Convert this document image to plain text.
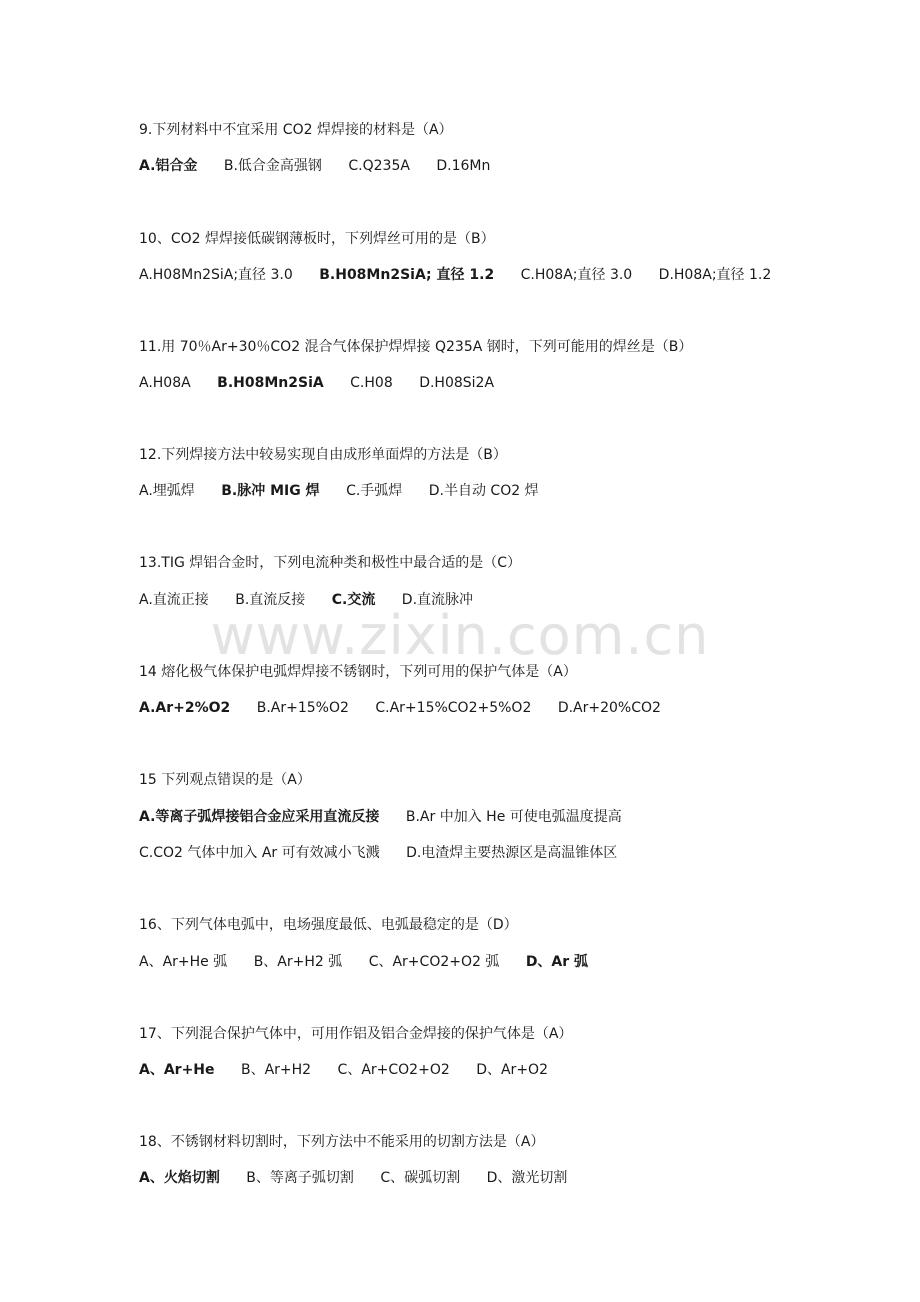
www.zixin.com.cn
9.下列材料中不宜采用 CO2 焊焊接的材料是（A）
A.铝合金 B.低合金高强钢 C.Q235A D.16Mn
10、CO2 焊焊接低碳钢薄板时，下列焊丝可用的是（B）
A.H08Mn2SiA;直径 3.0 B.H08Mn2SiA; 直径 1.2 C.H08A;直径 3.0 D.H08A;直径 1.2
11.用 70％Ar+30％CO2 混合气体保护焊焊接 Q235A 钢时，下列可能用的焊丝是（B）
A.H08A B.H08Mn2SiA C.H08 D.H08Si2A
12.下列焊接方法中较易实现自由成形单面焊的方法是（B）
A.埋弧焊 B.脉冲 MIG 焊 C.手弧焊 D.半自动 CO2 焊
13.TIG 焊铝合金时，下列电流种类和极性中最合适的是（C）
A.直流正接 B.直流反接 C.交流 D.直流脉冲
14 熔化极气体保护电弧焊焊接不锈钢时，下列可用的保护气体是（A）
A.Ar+2%O2 B.Ar+15%O2 C.Ar+15%CO2+5%O2 D.Ar+20%CO2
15 下列观点错误的是（A）
A.等离子弧焊接铝合金应采用直流反接 B.Ar 中加入 He 可使电弧温度提高
C.CO2 气体中加入 Ar 可有效减小飞溅 D.电渣焊主要热源区是高温锥体区
16、下列气体电弧中，电场强度最低、电弧最稳定的是（D）
A、Ar+He 弧 B、Ar+H2 弧 C、Ar+CO2+O2 弧 D、Ar 弧
17、下列混合保护气体中，可用作铝及铝合金焊接的保护气体是（A）
A、Ar+He B、Ar+H2 C、Ar+CO2+O2 D、Ar+O2
18、不锈钢材料切割时，下列方法中不能采用的切割方法是（A）
A、火焰切割 B、等离子弧切割 C、碳弧切割 D、激光切割
